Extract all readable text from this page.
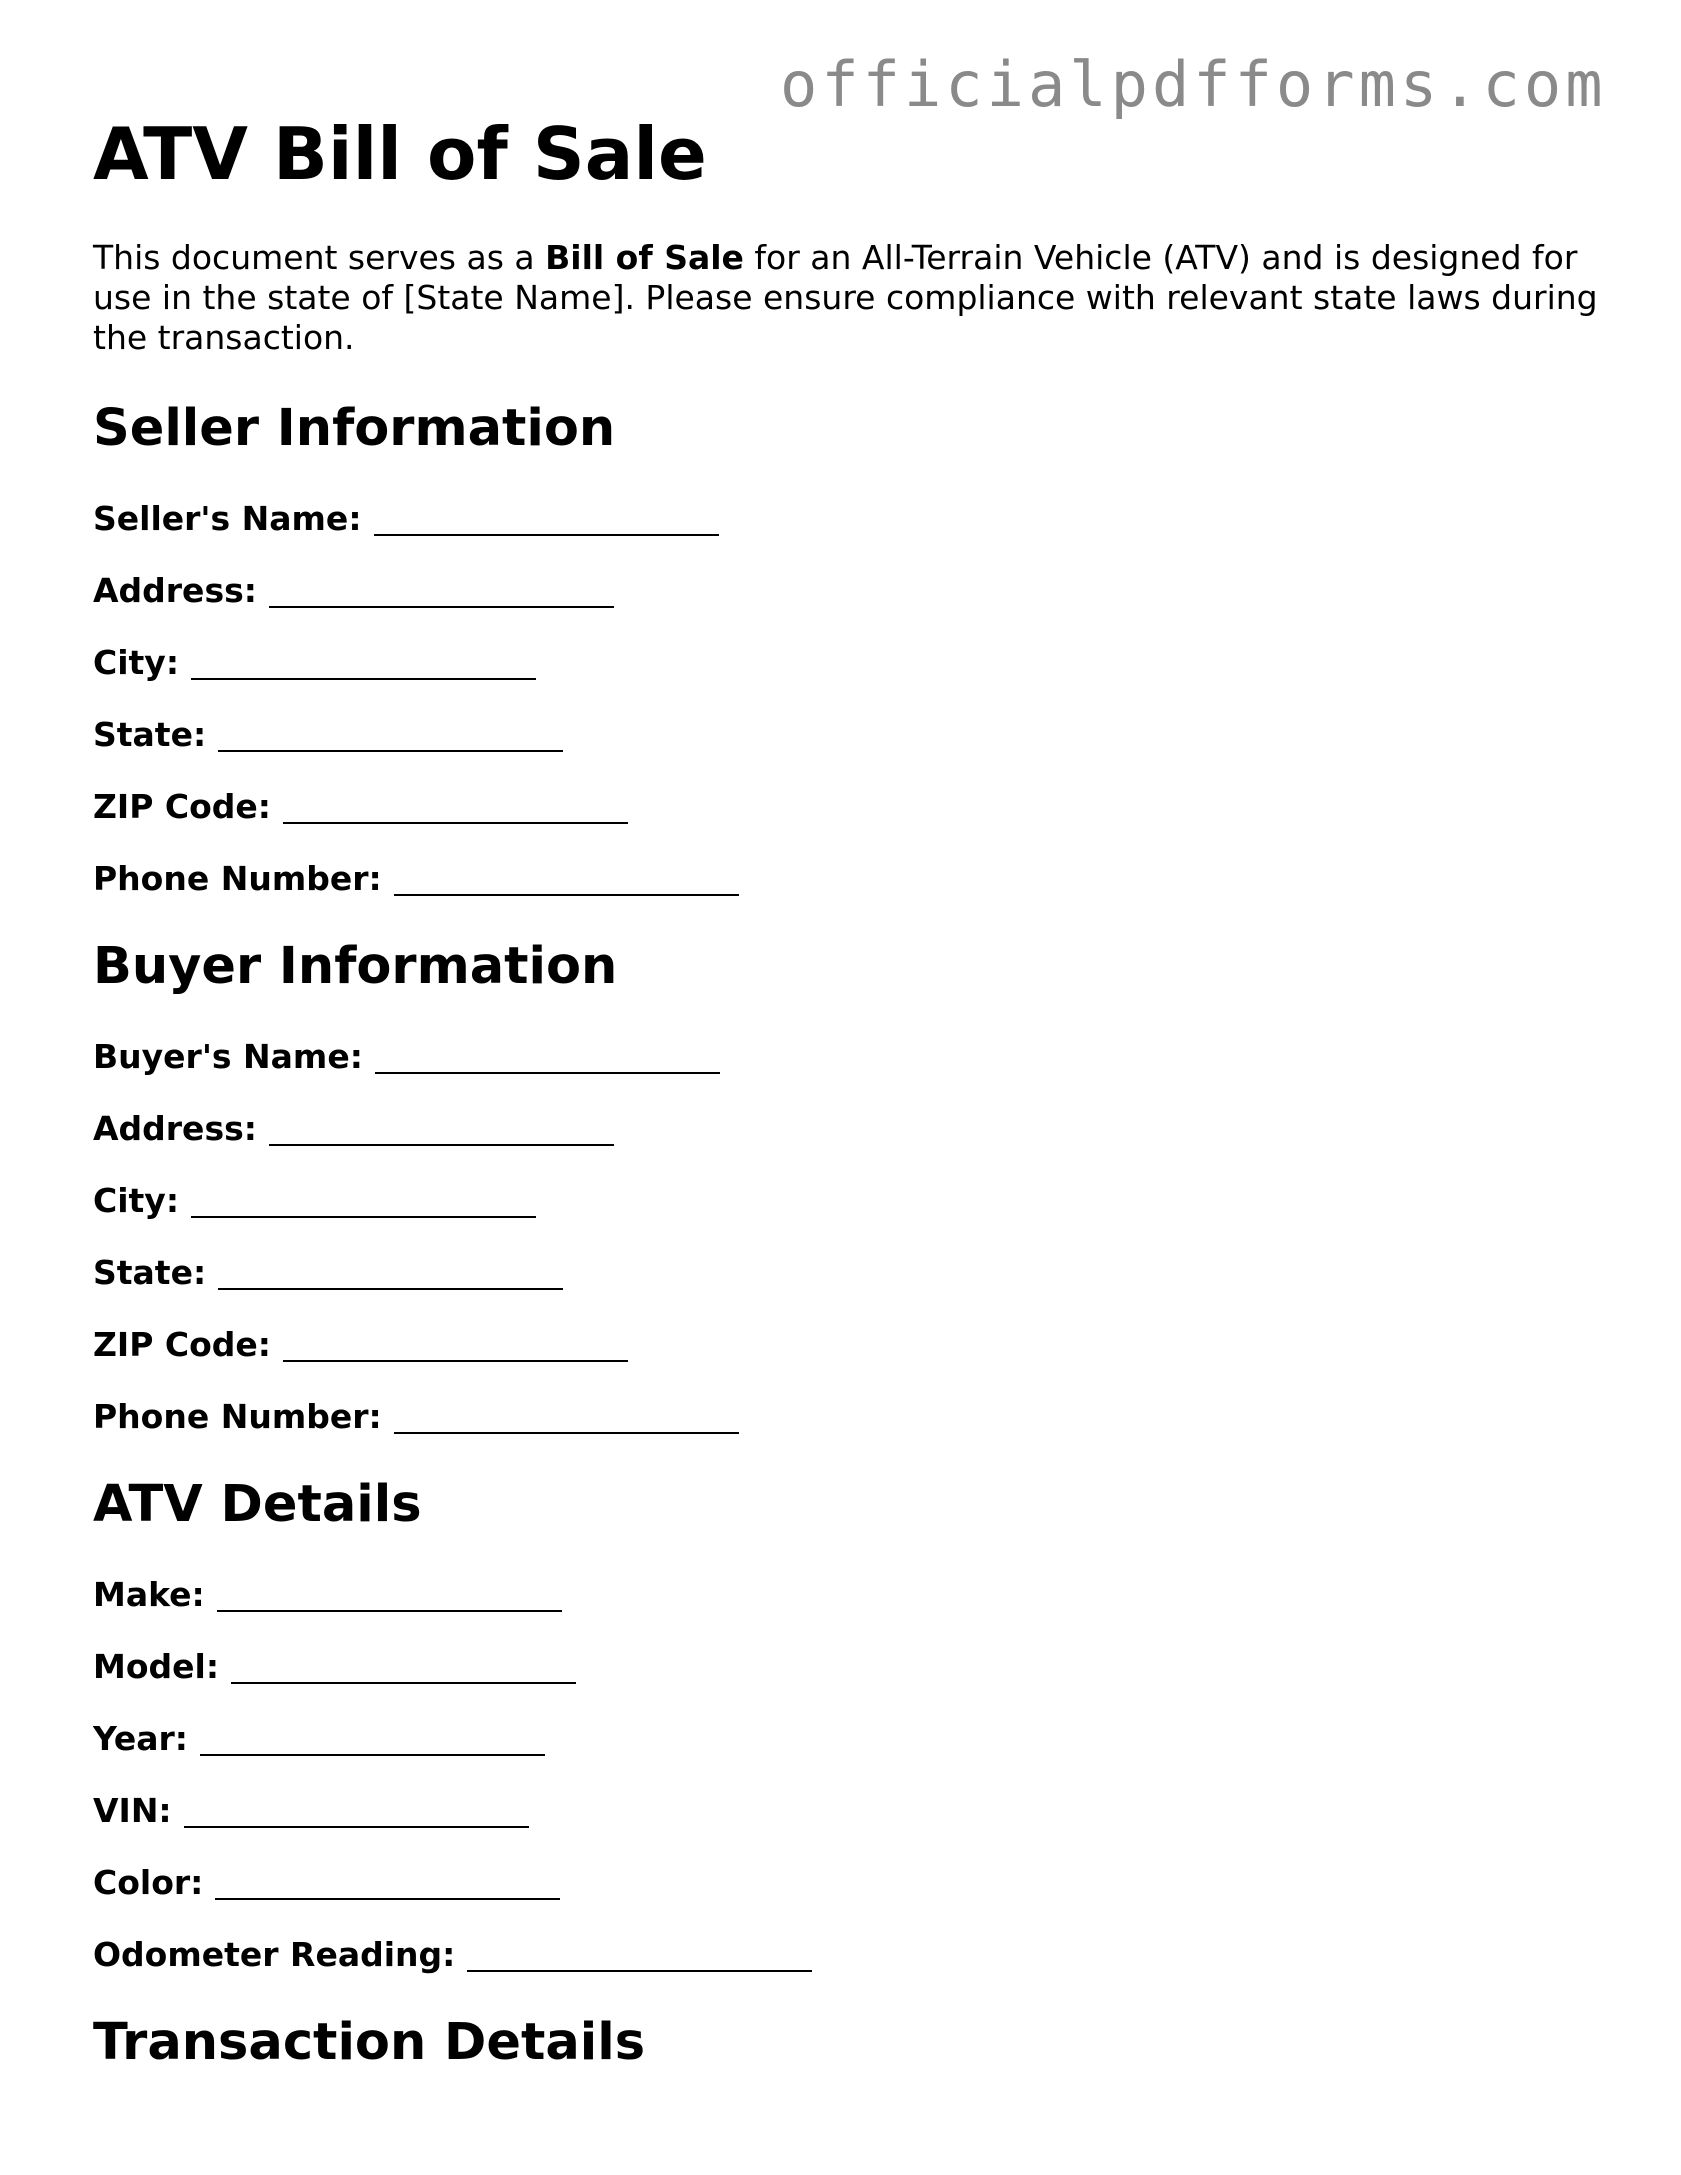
officialpdfforms.com
ATV Bill of Sale

This document serves as a Bill of Sale for an All-Terrain Vehicle (ATV) and is designed for use in the state of [State Name]. Please ensure compliance with relevant state laws during the transaction.

Seller Information
Seller's Name:
Address:
City:
State:
ZIP Code:
Phone Number:
Buyer Information
Buyer's Name:
Address:
City:
State:
ZIP Code:
Phone Number:
ATV Details
Make:
Model:
Year:
VIN:
Color:
Odometer Reading:
Transaction Details
